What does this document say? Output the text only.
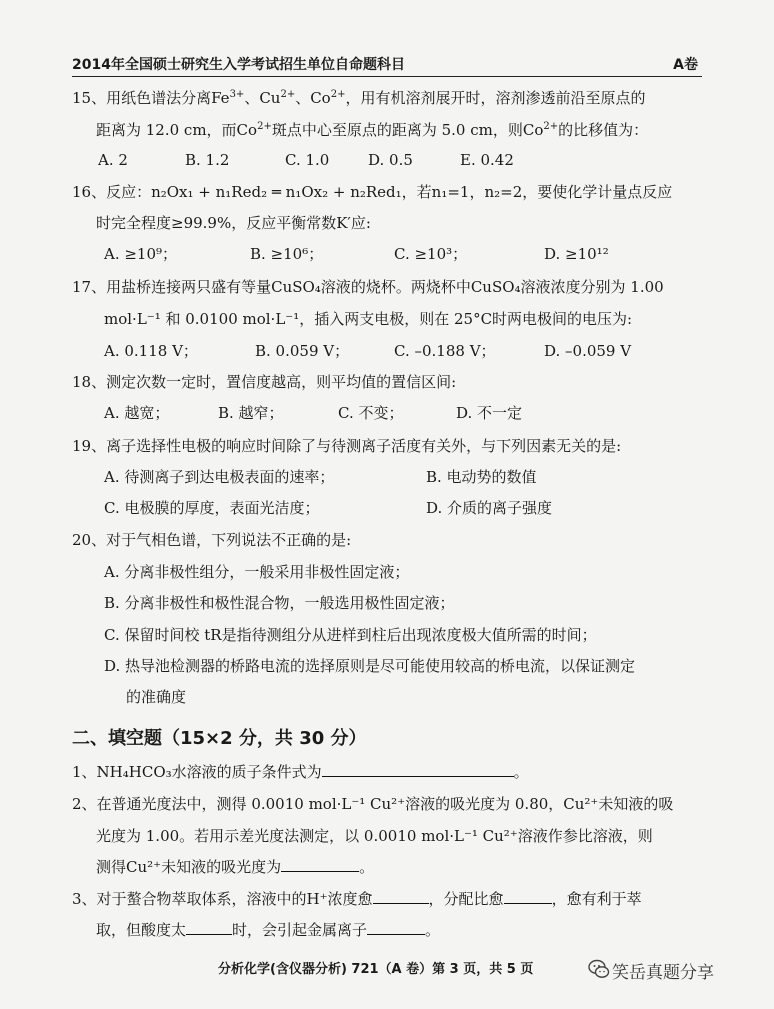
2014年全国硕士研究生入学考试招生单位自命题科目	A卷
15、用纸色谱法分离$Fe^{3+}$、$Cu^{2+}$、$Co^{2+}$，用有机溶剂展开时，溶剂渗透前沿至原点的
距离为 12.0 cm，而$Co^{2+}$斑点中心至原点的距离为 5.0 cm，则$Co^{2+}$的比移值为：
A. 2	B. 1.2	C. 1.0	D. 0.5	E. 0.42
16、反应：n₂Ox₁ + n₁Red₂ ═ n₁Ox₂ + n₂Red₁，若n₁=1，n₂=2，要使化学计量点反应
时完全程度≥99.9%，反应平衡常数K′应:
A. ≥10⁹；	B. ≥10⁶；	C. ≥10³；	D. ≥10¹²
17、用盐桥连接两只盛有等量CuSO₄溶液的烧杯。两烧杯中CuSO₄溶液浓度分别为 1.00
mol·L⁻¹ 和 0.0100 mol·L⁻¹，插入两支电极，则在 25°C时两电极间的电压为:
A. 0.118 V；	B. 0.059 V；	C. –0.188 V；	D. –0.059 V
18、测定次数一定时，置信度越高，则平均值的置信区间:
A. 越宽；	B. 越窄；	C. 不变；	D. 不一定
19、离子选择性电极的响应时间除了与待测离子活度有关外，与下列因素无关的是:
A. 待测离子到达电极表面的速率；	B. 电动势的数值
C. 电极膜的厚度，表面光洁度；	D. 介质的离子强度
20、对于气相色谱，下列说法不正确的是:
A. 分离非极性组分，一般采用非极性固定液；
B. 分离非极性和极性混合物，一般选用极性固定液；
C. 保留时间校 tR是指待测组分从进样到柱后出现浓度极大值所需的时间；
D. 热导池检测器的桥路电流的选择原则是尽可能使用较高的桥电流，以保证测定
的准确度
二、填空题（15×2 分，共 30 分）
1、NH₄HCO₃水溶液的质子条件式为	。
2、在普通光度法中，测得 0.0010 mol·L⁻¹ Cu²⁺溶液的吸光度为 0.80，Cu²⁺未知液的吸
光度为 1.00。若用示差光度法测定，以 0.0010 mol·L⁻¹ Cu²⁺溶液作参比溶液，则
测得Cu²⁺未知液的吸光度为	。
3、对于螯合物萃取体系，溶液中的H⁺浓度愈	，分配比愈	，愈有利于萃
取，但酸度太	时，会引起金属离子	。
分析化学(含仪器分析) 721（A 卷）第 3 页，共 5 页	笑岳真题分享
